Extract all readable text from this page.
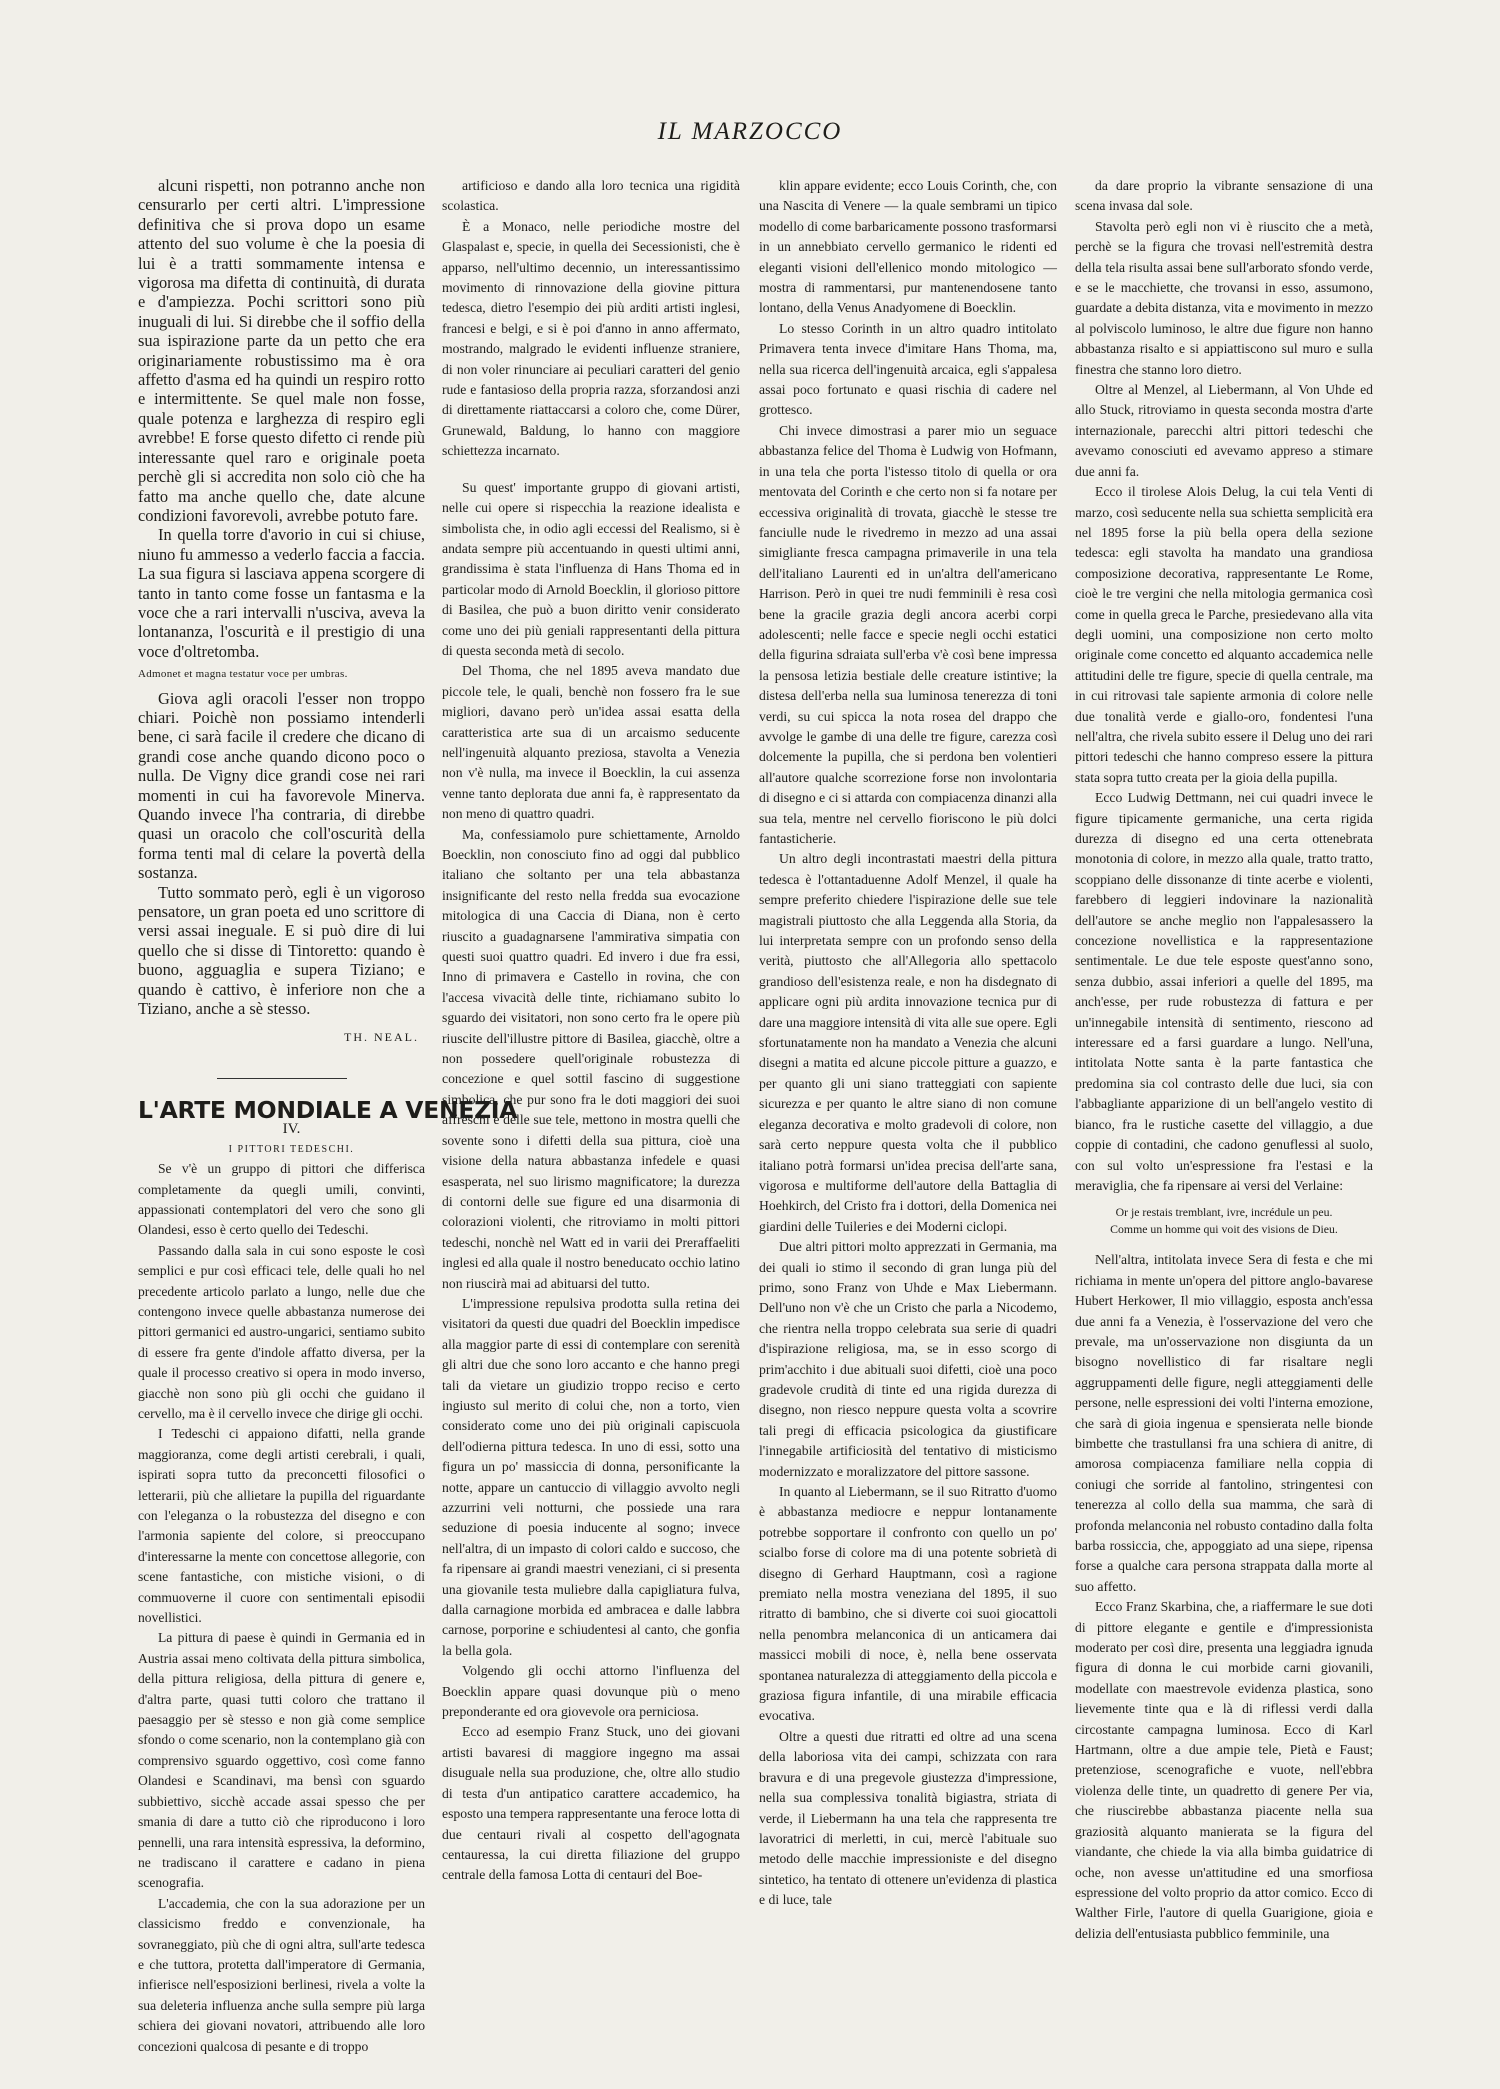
IL MARZOCCO

alcuni rispetti, non potranno anche non censurarlo per certi altri. L'impressione definitiva che si prova dopo un esame attento del suo volume è che la poesia di lui è a tratti sommamente intensa e vigorosa ma difetta di continuità, di durata e d'ampiezza. Pochi scrittori sono più inuguali di lui. Si direbbe che il soffio della sua ispirazione parte da un petto che era originariamente robustissimo ma è ora affetto d'asma ed ha quindi un respiro rotto e intermittente. Se quel male non fosse, quale potenza e larghezza di respiro egli avrebbe! E forse questo difetto ci rende più interessante quel raro e originale poeta perchè gli si accredita non solo ciò che ha fatto ma anche quello che, date alcune condizioni favorevoli, avrebbe potuto fare.

In quella torre d'avorio in cui si chiuse, niuno fu ammesso a vederlo faccia a faccia. La sua figura si lasciava appena scorgere di tanto in tanto come fosse un fantasma e la voce che a rari intervalli n'usciva, aveva la lontananza, l'oscurità e il prestigio di una voce d'oltretomba.

Admonet et magna testatur voce per umbras.

Giova agli oracoli l'esser non troppo chiari. Poichè non possiamo intenderli bene, ci sarà facile il credere che dicano di grandi cose anche quando dicono poco o nulla. De Vigny dice grandi cose nei rari momenti in cui ha favorevole Minerva. Quando invece l'ha contraria, di direbbe quasi un oracolo che coll'oscurità della forma tenti mal di celare la povertà della sostanza.

Tutto sommato però, egli è un vigoroso pensatore, un gran poeta ed uno scrittore di versi assai ineguale. E si può dire di lui quello che si disse di Tintoretto: quando è buono, agguaglia e supera Tiziano; e quando è cattivo, è inferiore non che a Tiziano, anche a sè stesso.

TH. NEAL.

L'ARTE MONDIALE A VENEZIA

IV.

I PITTORI TEDESCHI.

Se v'è un gruppo di pittori che differisca completamente da quegli umili, convinti, appassionati contemplatori del vero che sono gli Olandesi, esso è certo quello dei Tedeschi.

Passando dalla sala in cui sono esposte le così semplici e pur così efficaci tele, delle quali ho nel precedente articolo parlato a lungo, nelle due che contengono invece quelle abbastanza numerose dei pittori germanici ed austro-ungarici, sentiamo subito di essere fra gente d'indole affatto diversa, per la quale il processo creativo si opera in modo inverso, giacchè non sono più gli occhi che guidano il cervello, ma è il cervello invece che dirige gli occhi.

I Tedeschi ci appaiono difatti, nella grande maggioranza, come degli artisti cerebrali, i quali, ispirati sopra tutto da preconcetti filosofici o letterarii, più che allietare la pupilla del riguardante con l'eleganza o la robustezza del disegno e con l'armonia sapiente del colore, si preoccupano d'interessarne la mente con concettose allegorie, con scene fantastiche, con mistiche visioni, o di commuoverne il cuore con sentimentali episodii novellistici.

La pittura di paese è quindi in Germania ed in Austria assai meno coltivata della pittura simbolica, della pittura religiosa, della pittura di genere e, d'altra parte, quasi tutti coloro che trattano il paesaggio per sè stesso e non già come semplice sfondo o come scenario, non la contemplano già con comprensivo sguardo oggettivo, così come fanno Olandesi e Scandinavi, ma bensì con sguardo subbiettivo, sicchè accade assai spesso che per smania di dare a tutto ciò che riproducono i loro pennelli, una rara intensità espressiva, la deformino, ne tradiscano il carattere e cadano in piena scenografia.

L'accademia, che con la sua adorazione per un classicismo freddo e convenzionale, ha sovraneggiato, più che di ogni altra, sull'arte tedesca e che tuttora, protetta dall'imperatore di Germania, infierisce nell'esposizioni berlinesi, rivela a volte la sua deleteria influenza anche sulla sempre più larga schiera dei giovani novatori, attribuendo alle loro concezioni qualcosa di pesante e di troppo

artificioso e dando alla loro tecnica una rigidità scolastica.

È a Monaco, nelle periodiche mostre del Glaspalast e, specie, in quella dei Secessionisti, che è apparso, nell'ultimo decennio, un interessantissimo movimento di rinnovazione della giovine pittura tedesca, dietro l'esempio dei più arditi artisti inglesi, francesi e belgi, e si è poi d'anno in anno affermato, mostrando, malgrado le evidenti influenze straniere, di non voler rinunciare ai peculiari caratteri del genio rude e fantasioso della propria razza, sforzandosi anzi di direttamente riattaccarsi a coloro che, come Dürer, Grunewald, Baldung, lo hanno con maggiore schiettezza incarnato.

Su quest' importante gruppo di giovani artisti, nelle cui opere si rispecchia la reazione idealista e simbolista che, in odio agli eccessi del Realismo, si è andata sempre più accentuando in questi ultimi anni, grandissima è stata l'influenza di Hans Thoma ed in particolar modo di Arnold Boecklin, il glorioso pittore di Basilea, che può a buon diritto venir considerato come uno dei più geniali rappresentanti della pittura di questa seconda metà di secolo.

Del Thoma, che nel 1895 aveva mandato due piccole tele, le quali, benchè non fossero fra le sue migliori, davano però un'idea assai esatta della caratteristica arte sua di un arcaismo seducente nell'ingenuità alquanto preziosa, stavolta a Venezia non v'è nulla, ma invece il Boecklin, la cui assenza venne tanto deplorata due anni fa, è rappresentato da non meno di quattro quadri.

Ma, confessiamolo pure schiettamente, Arnoldo Boecklin, non conosciuto fino ad oggi dal pubblico italiano che soltanto per una tela abbastanza insignificante del resto nella fredda sua evocazione mitologica di una Caccia di Diana, non è certo riuscito a guadagnarsene l'ammirativa simpatia con questi suoi quattro quadri. Ed invero i due fra essi, Inno di primavera e Castello in rovina, che con l'accesa vivacità delle tinte, richiamano subito lo sguardo dei visitatori, non sono certo fra le opere più riuscite dell'illustre pittore di Basilea, giacchè, oltre a non possedere quell'originale robustezza di concezione e quel sottil fascino di suggestione simbolica, che pur sono fra le doti maggiori dei suoi affreschi e delle sue tele, mettono in mostra quelli che sovente sono i difetti della sua pittura, cioè una visione della natura abbastanza infedele e quasi esasperata, nel suo lirismo magnificatore; la durezza di contorni delle sue figure ed una disarmonia di colorazioni violenti, che ritroviamo in molti pittori tedeschi, nonchè nel Watt ed in varii dei Preraffaeliti inglesi ed alla quale il nostro beneducato occhio latino non riuscirà mai ad abituarsi del tutto.

L'impressione repulsiva prodotta sulla retina dei visitatori da questi due quadri del Boecklin impedisce alla maggior parte di essi di contemplare con serenità gli altri due che sono loro accanto e che hanno pregi tali da vietare un giudizio troppo reciso e certo ingiusto sul merito di colui che, non a torto, vien considerato come uno dei più originali capiscuola dell'odierna pittura tedesca. In uno di essi, sotto una figura un po' massiccia di donna, personificante la notte, appare un cantuccio di villaggio avvolto negli azzurrini veli notturni, che possiede una rara seduzione di poesia inducente al sogno; invece nell'altra, di un impasto di colori caldo e succoso, che fa ripensare ai grandi maestri veneziani, ci si presenta una giovanile testa muliebre dalla capigliatura fulva, dalla carnagione morbida ed ambracea e dalle labbra carnose, porporine e schiudentesi al canto, che gonfia la bella gola.

Volgendo gli occhi attorno l'influenza del Boecklin appare quasi dovunque più o meno preponderante ed ora giovevole ora perniciosa.

Ecco ad esempio Franz Stuck, uno dei giovani artisti bavaresi di maggiore ingegno ma assai disuguale nella sua produzione, che, oltre allo studio di testa d'un antipatico carattere accademico, ha esposto una tempera rappresentante una feroce lotta di due centauri rivali al cospetto dell'agognata centauressa, la cui diretta filiazione del gruppo centrale della famosa Lotta di centauri del Boe-

klin appare evidente; ecco Louis Corinth, che, con una Nascita di Venere — la quale sembrami un tipico modello di come barbaricamente possono trasformarsi in un annebbiato cervello germanico le ridenti ed eleganti visioni dell'ellenico mondo mitologico — mostra di rammentarsi, pur mantenendosene tanto lontano, della Venus Anadyomene di Boecklin.

Lo stesso Corinth in un altro quadro intitolato Primavera tenta invece d'imitare Hans Thoma, ma, nella sua ricerca dell'ingenuità arcaica, egli s'appalesa assai poco fortunato e quasi rischia di cadere nel grottesco.

Chi invece dimostrasi a parer mio un seguace abbastanza felice del Thoma è Ludwig von Hofmann, in una tela che porta l'istesso titolo di quella or ora mentovata del Corinth e che certo non si fa notare per eccessiva originalità di trovata, giacchè le stesse tre fanciulle nude le rivedremo in mezzo ad una assai simigliante fresca campagna primaverile in una tela dell'italiano Laurenti ed in un'altra dell'americano Harrison. Però in quei tre nudi femminili è resa così bene la gracile grazia degli ancora acerbi corpi adolescenti; nelle facce e specie negli occhi estatici della figurina sdraiata sull'erba v'è così bene impressa la pensosa letizia bestiale delle creature istintive; la distesa dell'erba nella sua luminosa tenerezza di toni verdi, su cui spicca la nota rosea del drappo che avvolge le gambe di una delle tre figure, carezza così dolcemente la pupilla, che si perdona ben volentieri all'autore qualche scorrezione forse non involontaria di disegno e ci si attarda con compiacenza dinanzi alla sua tela, mentre nel cervello fioriscono le più dolci fantasticherie.

Un altro degli incontrastati maestri della pittura tedesca è l'ottantaduenne Adolf Menzel, il quale ha sempre preferito chiedere l'ispirazione delle sue tele magistrali piuttosto che alla Leggenda alla Storia, da lui interpretata sempre con un profondo senso della verità, piuttosto che all'Allegoria allo spettacolo grandioso dell'esistenza reale, e non ha disdegnato di applicare ogni più ardita innovazione tecnica pur di dare una maggiore intensità di vita alle sue opere. Egli sfortunatamente non ha mandato a Venezia che alcuni disegni a matita ed alcune piccole pitture a guazzo, e per quanto gli uni siano tratteggiati con sapiente sicurezza e per quanto le altre siano di non comune eleganza decorativa e molto gradevoli di colore, non sarà certo neppure questa volta che il pubblico italiano potrà formarsi un'idea precisa dell'arte sana, vigorosa e multiforme dell'autore della Battaglia di Hoehkirch, del Cristo fra i dottori, della Domenica nei giardini delle Tuileries e dei Moderni ciclopi.

Due altri pittori molto apprezzati in Germania, ma dei quali io stimo il secondo di gran lunga più del primo, sono Franz von Uhde e Max Liebermann. Dell'uno non v'è che un Cristo che parla a Nicodemo, che rientra nella troppo celebrata sua serie di quadri d'ispirazione religiosa, ma, se in esso scorgo di prim'acchito i due abituali suoi difetti, cioè una poco gradevole crudità di tinte ed una rigida durezza di disegno, non riesco neppure questa volta a scovrire tali pregi di efficacia psicologica da giustificare l'innegabile artificiosità del tentativo di misticismo modernizzato e moralizzatore del pittore sassone.

In quanto al Liebermann, se il suo Ritratto d'uomo è abbastanza mediocre e neppur lontanamente potrebbe sopportare il confronto con quello un po' scialbo forse di colore ma di una potente sobrietà di disegno di Gerhard Hauptmann, così a ragione premiato nella mostra veneziana del 1895, il suo ritratto di bambino, che si diverte coi suoi giocattoli nella penombra melanconica di un anticamera dai massicci mobili di noce, è, nella bene osservata spontanea naturalezza di atteggiamento della piccola e graziosa figura infantile, di una mirabile efficacia evocativa.

Oltre a questi due ritratti ed oltre ad una scena della laboriosa vita dei campi, schizzata con rara bravura e di una pregevole giustezza d'impressione, nella sua complessiva tonalità bigiastra, striata di verde, il Liebermann ha una tela che rappresenta tre lavoratrici di merletti, in cui, mercè l'abituale suo metodo delle macchie impressioniste e del disegno sintetico, ha tentato di ottenere un'evidenza di plastica e di luce, tale

da dare proprio la vibrante sensazione di una scena invasa dal sole.

Stavolta però egli non vi è riuscito che a metà, perchè se la figura che trovasi nell'estremità destra della tela risulta assai bene sull'arborato sfondo verde, e se le macchiette, che trovansi in esso, assumono, guardate a debita distanza, vita e movimento in mezzo al polviscolo luminoso, le altre due figure non hanno abbastanza risalto e si appiattiscono sul muro e sulla finestra che stanno loro dietro.

Oltre al Menzel, al Liebermann, al Von Uhde ed allo Stuck, ritroviamo in questa seconda mostra d'arte internazionale, parecchi altri pittori tedeschi che avevamo conosciuti ed avevamo appreso a stimare due anni fa.

Ecco il tirolese Alois Delug, la cui tela Venti di marzo, così seducente nella sua schietta semplicità era nel 1895 forse la più bella opera della sezione tedesca: egli stavolta ha mandato una grandiosa composizione decorativa, rappresentante Le Rome, cioè le tre vergini che nella mitologia germanica così come in quella greca le Parche, presiedevano alla vita degli uomini, una composizione non certo molto originale come concetto ed alquanto accademica nelle attitudini delle tre figure, specie di quella centrale, ma in cui ritrovasi tale sapiente armonia di colore nelle due tonalità verde e giallo-oro, fondentesi l'una nell'altra, che rivela subito essere il Delug uno dei rari pittori tedeschi che hanno compreso essere la pittura stata sopra tutto creata per la gioia della pupilla.

Ecco Ludwig Dettmann, nei cui quadri invece le figure tipicamente germaniche, una certa rigida durezza di disegno ed una certa ottenebrata monotonia di colore, in mezzo alla quale, tratto tratto, scoppiano delle dissonanze di tinte acerbe e violenti, farebbero di leggieri indovinare la nazionalità dell'autore se anche meglio non l'appalesassero la concezione novellistica e la rappresentazione sentimentale. Le due tele esposte quest'anno sono, senza dubbio, assai inferiori a quelle del 1895, ma anch'esse, per rude robustezza di fattura e per un'innegabile intensità di sentimento, riescono ad interessare ed a farsi guardare a lungo. Nell'una, intitolata Notte santa è la parte fantastica che predomina sia col contrasto delle due luci, sia con l'abbagliante apparizione di un bell'angelo vestito di bianco, fra le rustiche casette del villaggio, a due coppie di contadini, che cadono genuflessi al suolo, con sul volto un'espressione fra l'estasi e la meraviglia, che fa ripensare ai versi del Verlaine:

Or je restais tremblant, ivre, incrédule un peu.
Comme un homme qui voit des visions de Dieu.

Nell'altra, intitolata invece Sera di festa e che mi richiama in mente un'opera del pittore anglo-bavarese Hubert Herkower, Il mio villaggio, esposta anch'essa due anni fa a Venezia, è l'osservazione del vero che prevale, ma un'osservazione non disgiunta da un bisogno novellistico di far risaltare negli aggruppamenti delle figure, negli atteggiamenti delle persone, nelle espressioni dei volti l'interna emozione, che sarà di gioia ingenua e spensierata nelle bionde bimbette che trastullansi fra una schiera di anitre, di amorosa compiacenza familiare nella coppia di coniugi che sorride al fantolino, stringentesi con tenerezza al collo della sua mamma, che sarà di profonda melanconia nel robusto contadino dalla folta barba rossiccia, che, appoggiato ad una siepe, ripensa forse a qualche cara persona strappata dalla morte al suo affetto.

Ecco Franz Skarbina, che, a riaffermare le sue doti di pittore elegante e gentile e d'impressionista moderato per così dire, presenta una leggiadra ignuda figura di donna le cui morbide carni giovanili, modellate con maestrevole evidenza plastica, sono lievemente tinte qua e là di riflessi verdi dalla circostante campagna luminosa. Ecco di Karl Hartmann, oltre a due ampie tele, Pietà e Faust; pretenziose, scenografiche e vuote, nell'ebbra violenza delle tinte, un quadretto di genere Per via, che riuscirebbe abbastanza piacente nella sua graziosità alquanto manierata se la figura del viandante, che chiede la via alla bimba guidatrice di oche, non avesse un'attitudine ed una smorfiosa espressione del volto proprio da attor comico. Ecco di Walther Firle, l'autore di quella Guarigione, gioia e delizia dell'entusiasta pubblico femminile, una
